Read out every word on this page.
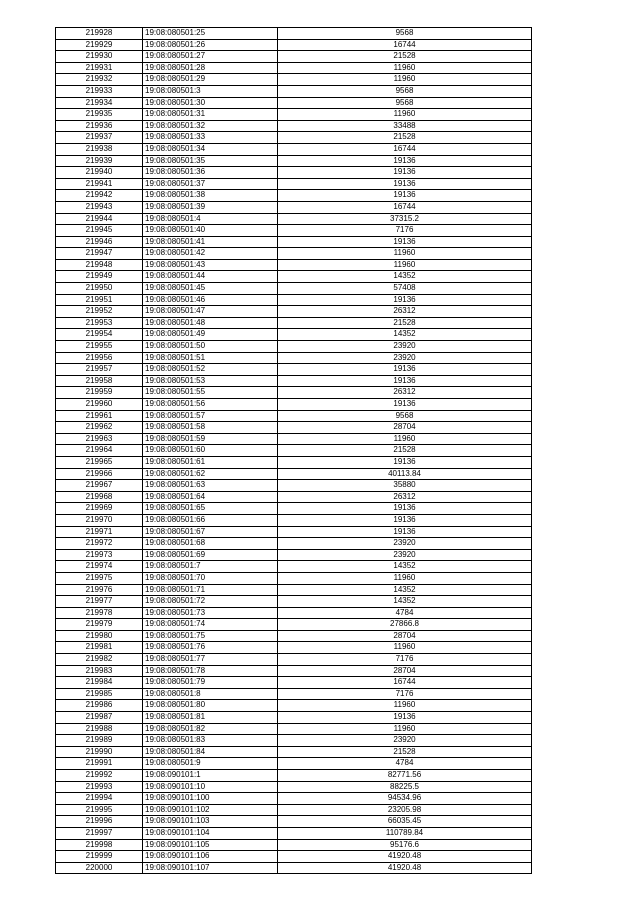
219928	19:08:080501:25	9568
219929	19:08:080501:26	16744
219930	19:08:080501:27	21528
219931	19:08:080501:28	11960
219932	19:08:080501:29	11960
219933	19:08:080501:3	9568
219934	19:08:080501:30	9568
219935	19:08:080501:31	11960
219936	19:08:080501:32	33488
219937	19:08:080501:33	21528
219938	19:08:080501:34	16744
219939	19:08:080501:35	19136
219940	19:08:080501:36	19136
219941	19:08:080501:37	19136
219942	19:08:080501:38	19136
219943	19:08:080501:39	16744
219944	19:08:080501:4	37315.2
219945	19:08:080501:40	7176
219946	19:08:080501:41	19136
219947	19:08:080501:42	11960
219948	19:08:080501:43	11960
219949	19:08:080501:44	14352
219950	19:08:080501:45	57408
219951	19:08:080501:46	19136
219952	19:08:080501:47	26312
219953	19:08:080501:48	21528
219954	19:08:080501:49	14352
219955	19:08:080501:50	23920
219956	19:08:080501:51	23920
219957	19:08:080501:52	19136
219958	19:08:080501:53	19136
219959	19:08:080501:55	26312
219960	19:08:080501:56	19136
219961	19:08:080501:57	9568
219962	19:08:080501:58	28704
219963	19:08:080501:59	11960
219964	19:08:080501:60	21528
219965	19:08:080501:61	19136
219966	19:08:080501:62	40113.84
219967	19:08:080501:63	35880
219968	19:08:080501:64	26312
219969	19:08:080501:65	19136
219970	19:08:080501:66	19136
219971	19:08:080501:67	19136
219972	19:08:080501:68	23920
219973	19:08:080501:69	23920
219974	19:08:080501:7	14352
219975	19:08:080501:70	11960
219976	19:08:080501:71	14352
219977	19:08:080501:72	14352
219978	19:08:080501:73	4784
219979	19:08:080501:74	27866.8
219980	19:08:080501:75	28704
219981	19:08:080501:76	11960
219982	19:08:080501:77	7176
219983	19:08:080501:78	28704
219984	19:08:080501:79	16744
219985	19:08:080501:8	7176
219986	19:08:080501:80	11960
219987	19:08:080501:81	19136
219988	19:08:080501:82	11960
219989	19:08:080501:83	23920
219990	19:08:080501:84	21528
219991	19:08:080501:9	4784
219992	19:08:090101:1	82771.56
219993	19:08:090101:10	88225.5
219994	19:08:090101:100	94534.96
219995	19:08:090101:102	23205.98
219996	19:08:090101:103	66035.45
219997	19:08:090101:104	110789.84
219998	19:08:090101:105	95176.6
219999	19:08:090101:106	41920.48
220000	19:08:090101:107	41920.48
